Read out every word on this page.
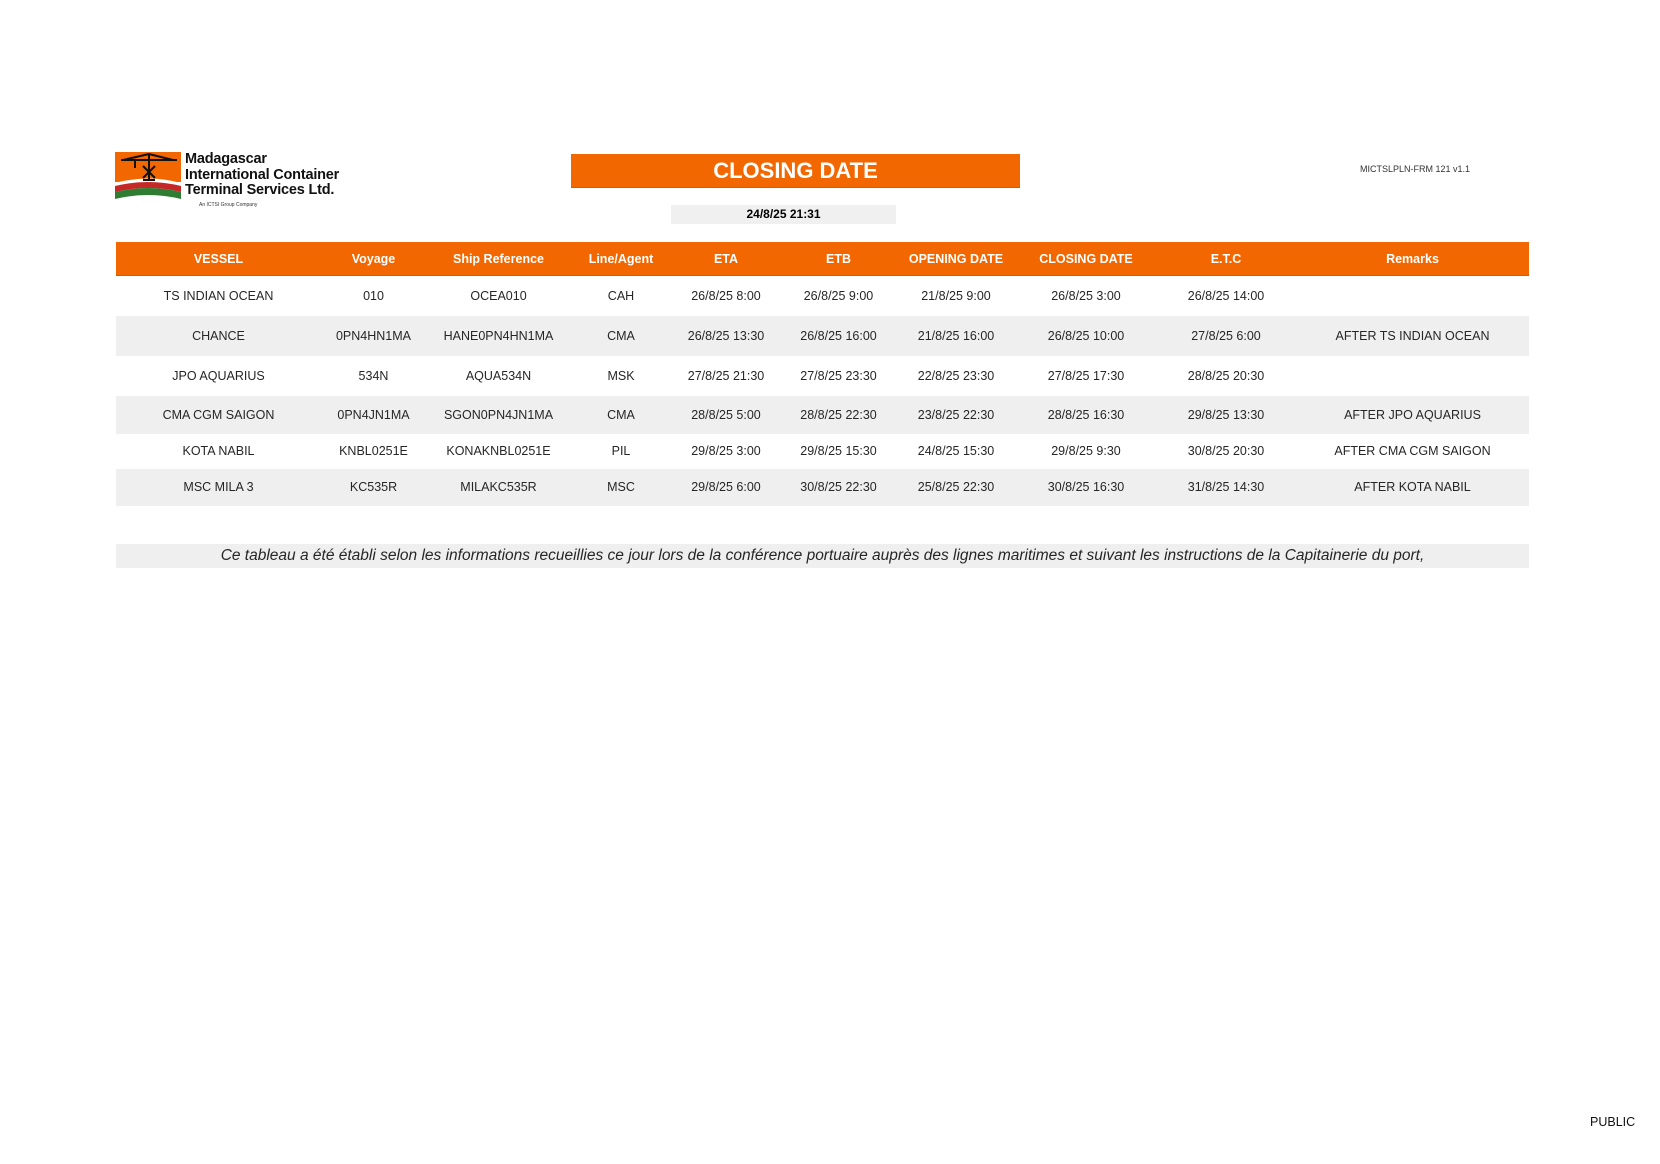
Madagascar
International Container
Terminal Services Ltd.
An ICTSI Group Company
CLOSING DATE	MICTSLPLN-FRM 121 v1.1
24/8/25 21:31
VESSEL	Voyage	Ship Reference	Line/Agent	ETA	ETB	OPENING DATE	CLOSING DATE	E.T.C	Remarks
TS INDIAN OCEAN	010	OCEA010	CAH	26/8/25 8:00	26/8/25 9:00	21/8/25 9:00	26/8/25 3:00	26/8/25 14:00	
CHANCE	0PN4HN1MA	HANE0PN4HN1MA	CMA	26/8/25 13:30	26/8/25 16:00	21/8/25 16:00	26/8/25 10:00	27/8/25 6:00	AFTER TS INDIAN OCEAN
JPO AQUARIUS	534N	AQUA534N	MSK	27/8/25 21:30	27/8/25 23:30	22/8/25 23:30	27/8/25 17:30	28/8/25 20:30	
CMA CGM SAIGON	0PN4JN1MA	SGON0PN4JN1MA	CMA	28/8/25 5:00	28/8/25 22:30	23/8/25 22:30	28/8/25 16:30	29/8/25 13:30	AFTER JPO AQUARIUS
KOTA NABIL	KNBL0251E	KONAKNBL0251E	PIL	29/8/25 3:00	29/8/25 15:30	24/8/25 15:30	29/8/25 9:30	30/8/25 20:30	AFTER CMA CGM SAIGON
MSC MILA 3	KC535R	MILAKC535R	MSC	29/8/25 6:00	30/8/25 22:30	25/8/25 22:30	30/8/25 16:30	31/8/25 14:30	AFTER KOTA NABIL
Ce tableau a été établi selon les informations recueillies ce jour lors de la conférence portuaire auprès des lignes maritimes et suivant les instructions de la Capitainerie du port,
PUBLIC
